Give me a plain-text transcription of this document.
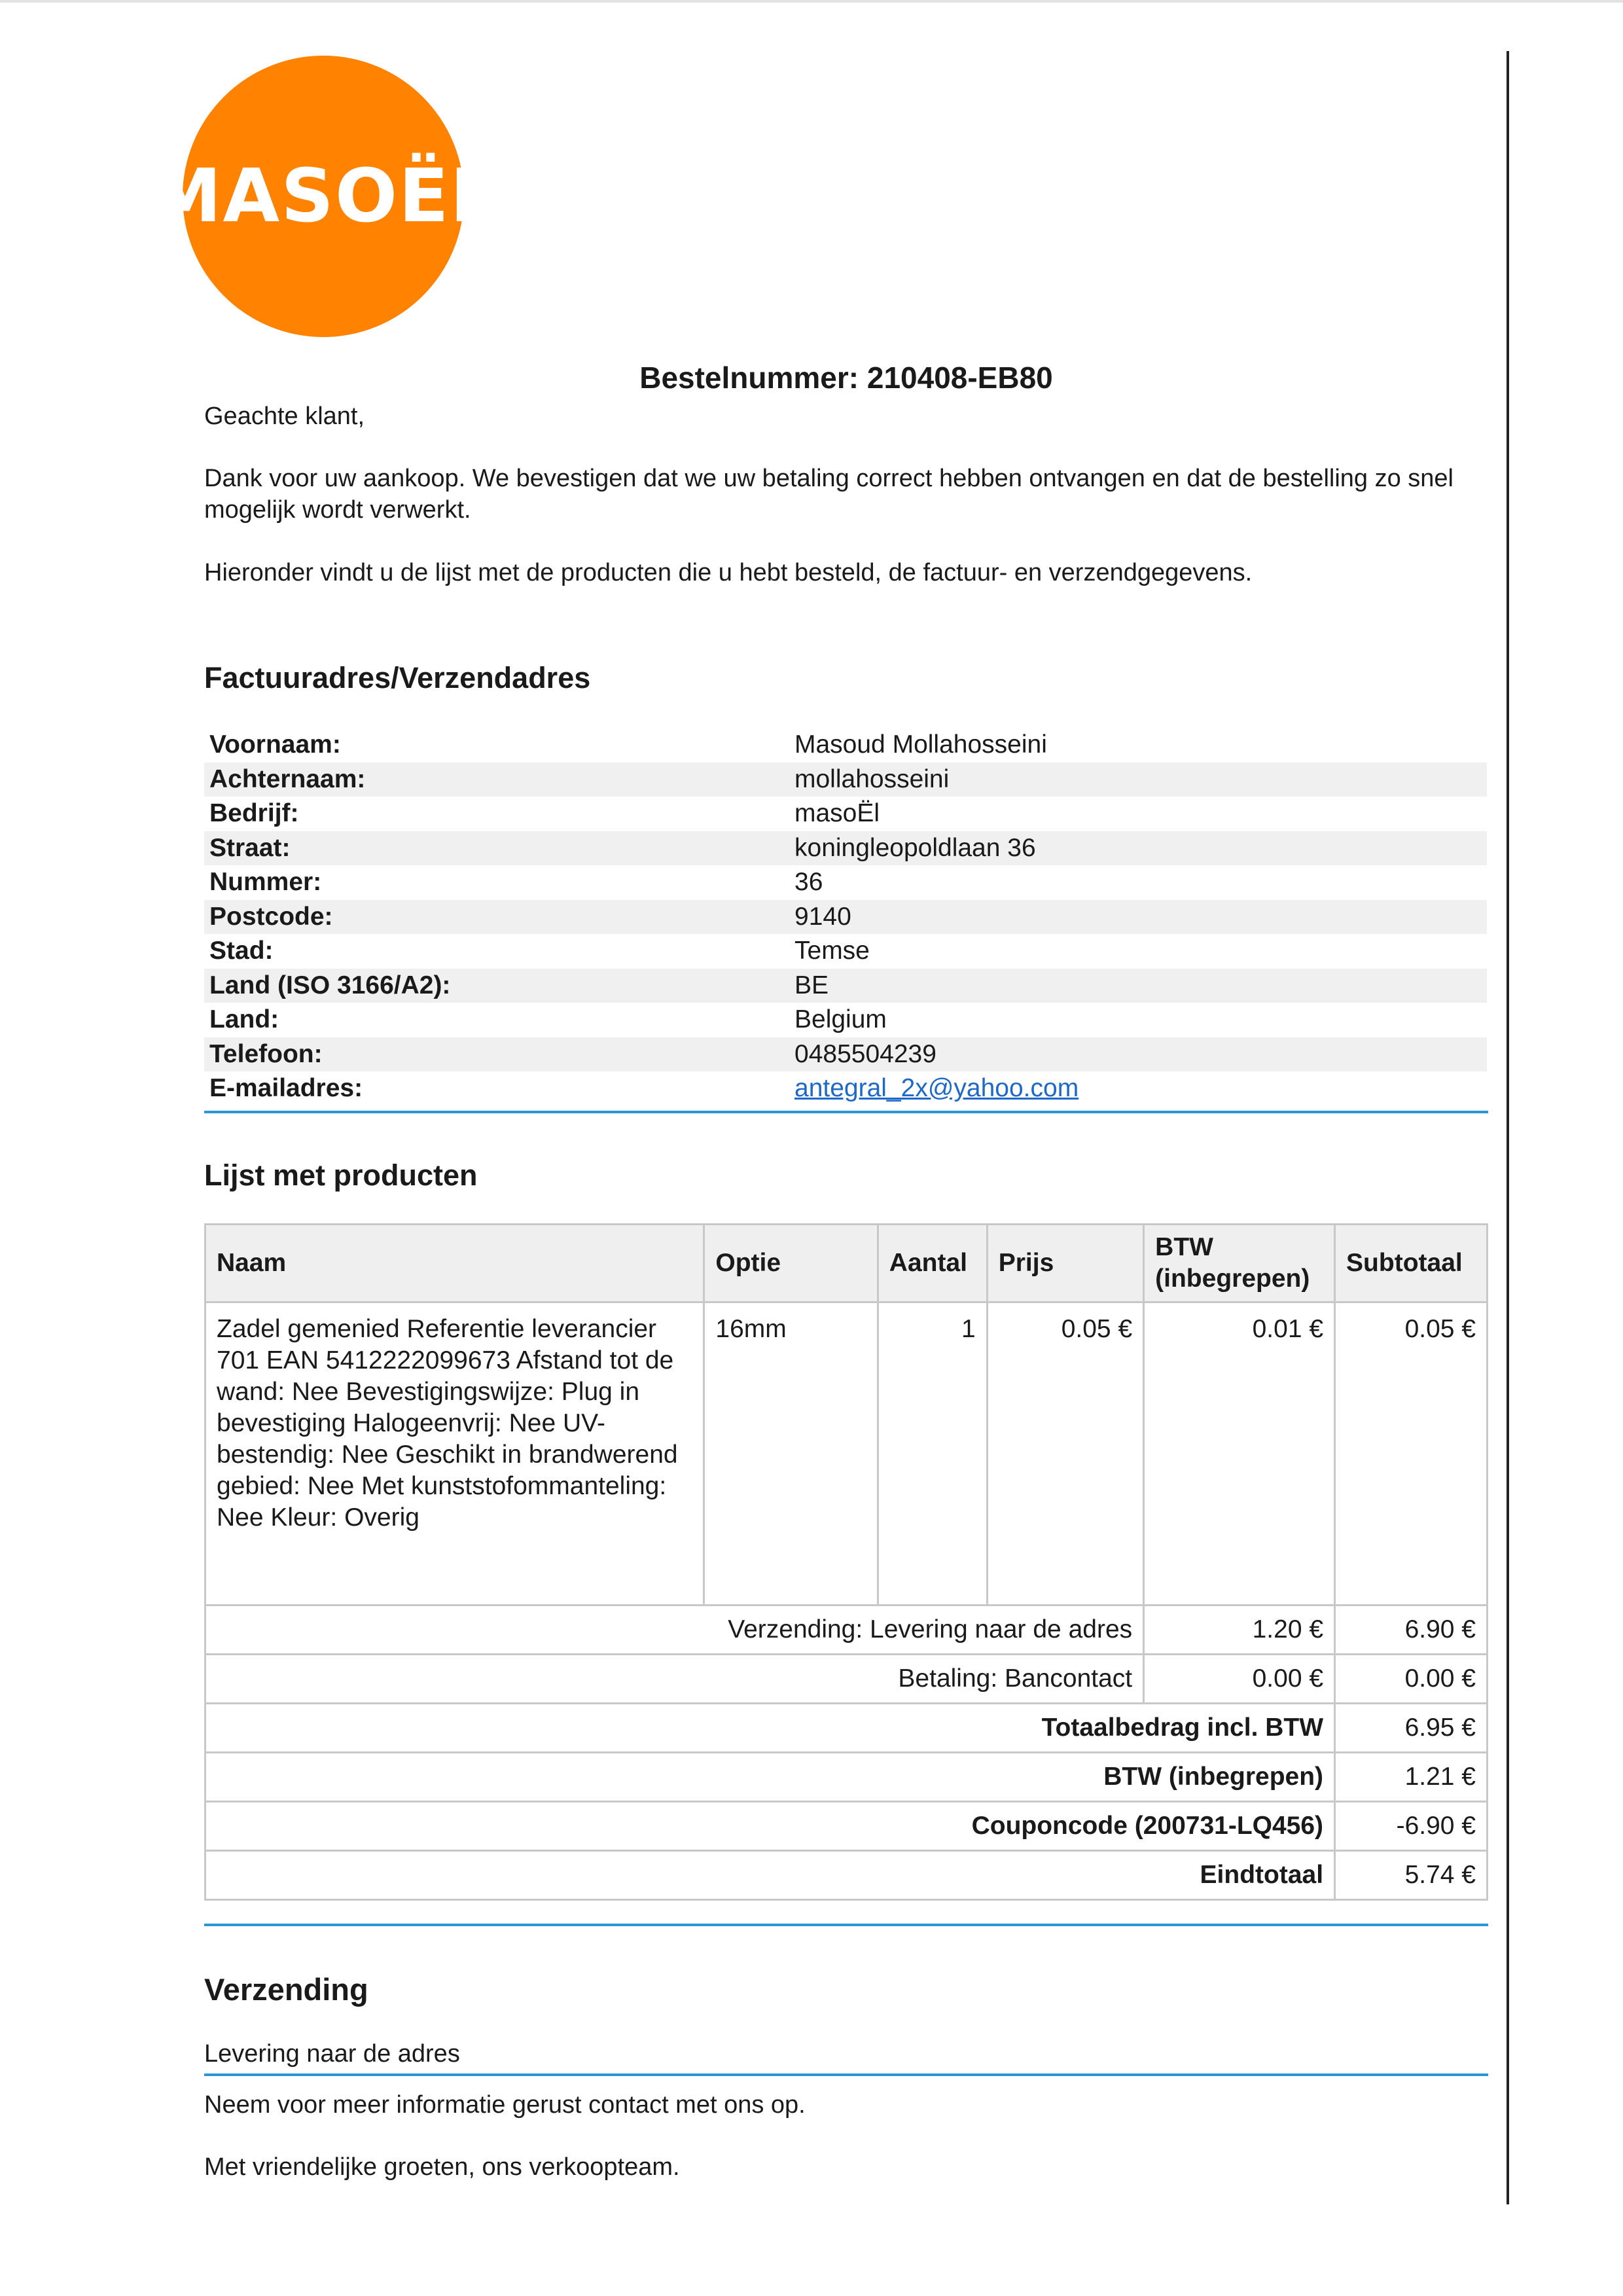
MASOËL
Bestelnummer: 210408-EB80
Geachte klant,
Dank voor uw aankoop. We bevestigen dat we uw betaling correct hebben ontvangen en dat de bestelling zo snel mogelijk wordt verwerkt.
Hieronder vindt u de lijst met de producten die u hebt besteld, de factuur- en verzendgegevens.
Factuuradres/Verzendadres
Voornaam:	Masoud Mollahosseini
Achternaam:	mollahosseini
Bedrijf:	masoËl
Straat:	koningleopoldlaan 36
Nummer:	36
Postcode:	9140
Stad:	Temse
Land (ISO 3166/A2):	BE
Land:	Belgium
Telefoon:	0485504239
E-mailadres:	antegral_2x@yahoo.com
Lijst met producten
Naam	Optie	Aantal	Prijs	BTW (inbegrepen)	Subtotaal
Zadel gemenied Referentie leverancier 701 EAN 5412222099673 Afstand tot de wand: Nee Bevestigingswijze: Plug in bevestiging Halogeenvrij: Nee UV-bestendig: Nee Geschikt in brandwerend gebied: Nee Met kunststofommanteling: Nee Kleur: Overig	16mm	1	0.05 €	0.01 €	0.05 €
Verzending: Levering naar de adres				1.20 €	6.90 €
Betaling: Bancontact				0.00 €	0.00 €
Totaalbedrag incl. BTW					6.95 €
BTW (inbegrepen)					1.21 €
Couponcode (200731-LQ456)					-6.90 €
Eindtotaal					5.74 €
Verzending
Levering naar de adres
Neem voor meer informatie gerust contact met ons op.
Met vriendelijke groeten, ons verkoopteam.
